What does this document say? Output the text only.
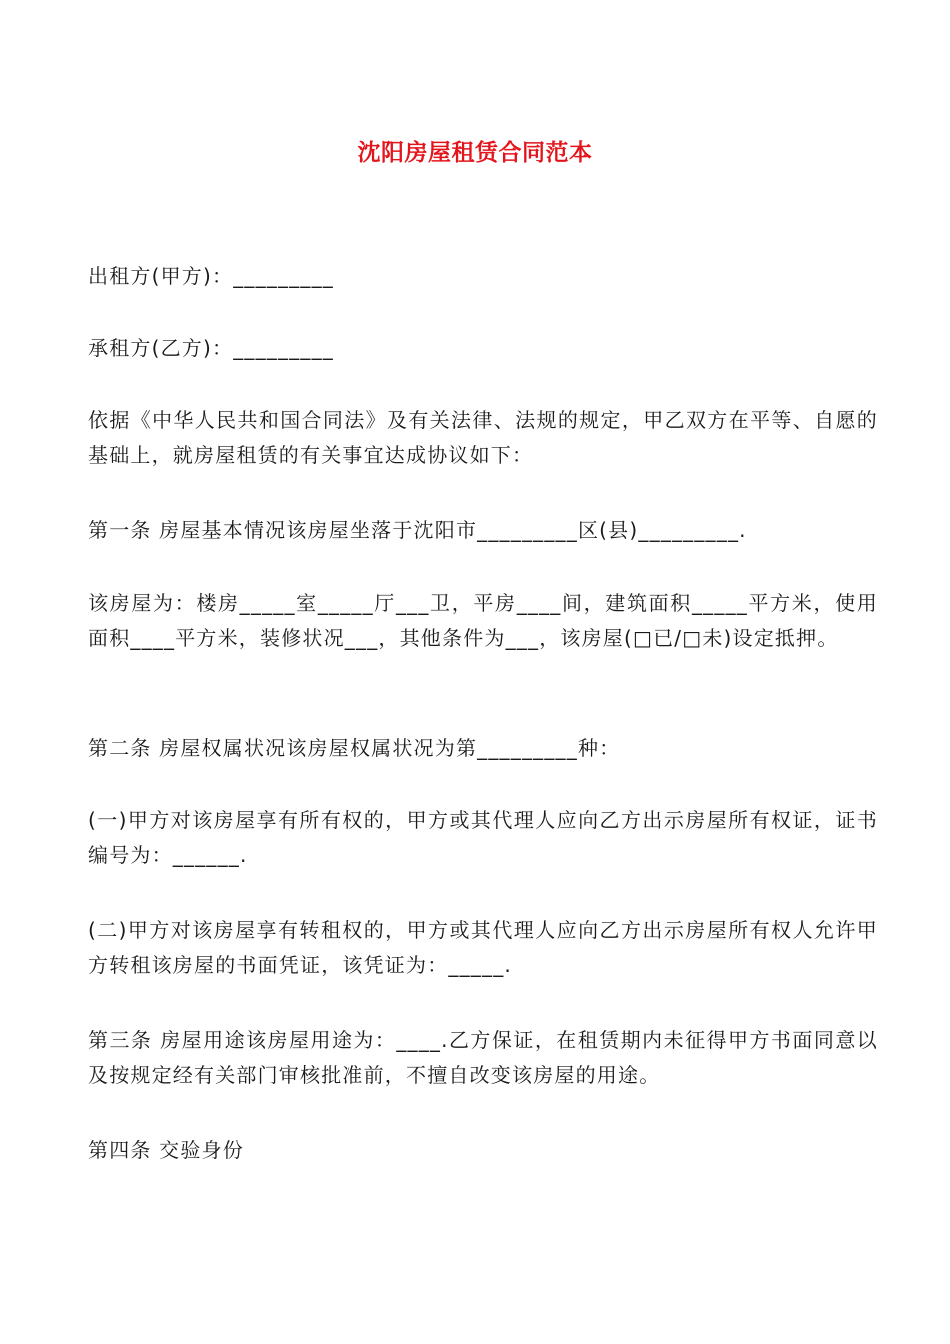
沈阳房屋租赁合同范本

出租方(甲方)：_________

承租方(乙方)：_________

依据《中华人民共和国合同法》及有关法律、法规的规定，甲乙双方在平等、自愿的基础上，就房屋租赁的有关事宜达成协议如下：

第一条 房屋基本情况该房屋坐落于沈阳市_________区(县)_________.

该房屋为：楼房_____室_____厅___卫，平房____间，建筑面积_____平方米，使用面积____平方米，装修状况___，其他条件为___，该房屋(□已/□未)设定抵押。

第二条 房屋权属状况该房屋权属状况为第_________种：

(一)甲方对该房屋享有所有权的，甲方或其代理人应向乙方出示房屋所有权证，证书编号为：______.

(二)甲方对该房屋享有转租权的，甲方或其代理人应向乙方出示房屋所有权人允许甲方转租该房屋的书面凭证，该凭证为：_____.

第三条 房屋用途该房屋用途为：____.乙方保证，在租赁期内未征得甲方书面同意以及按规定经有关部门审核批准前，不擅自改变该房屋的用途。

第四条 交验身份
